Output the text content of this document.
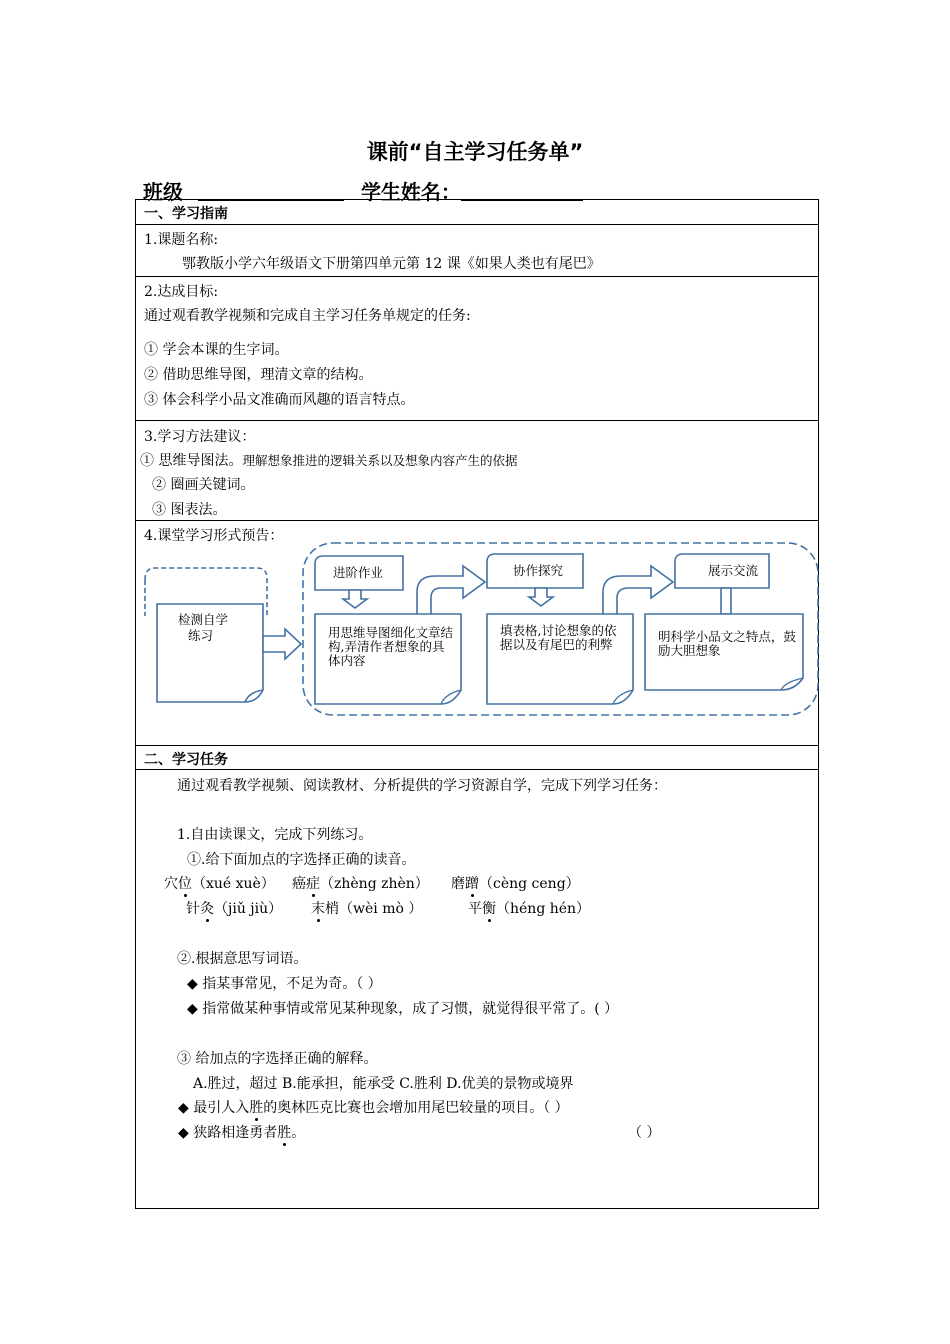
课前“自主学习任务单”
班级	学生姓名：
一、学习指南
1.课题名称:
鄂教版小学六年级语文下册第四单元第 12 课《如果人类也有尾巴》
2.达成目标:
通过观看教学视频和完成自主学习任务单规定的任务:
① 学会本课的生字词。
② 借助思维导图，理清文章的结构。
③ 体会科学小品文准确而风趣的语言特点。
3.学习方法建议：
① 思维导图法。理解想象推进的逻辑关系以及想象内容产生的依据
② 圈画关键词。
③ 图表法。
4.课堂学习形式预告：
检测自学
练习
进阶作业	协作探究	展示交流
用思维导图细化文章结构,弄清作者想象的具体内容
填表格,讨论想象的依据以及有尾巴的利弊
明科学小品文之特点，鼓励大胆想象
二、学习任务
通过观看教学视频、阅读教材、分析提供的学习资源自学，完成下列学习任务：
1.自由读课文，完成下列练习。
①.给下面加点的字选择正确的读音。
穴位（xué xuè） 癌症（zhèng zhèn） 磨蹭（cèng ceng）
针灸（jiǔ jiù） 末梢（wèi mò ）	平衡（héng hén）
②.根据意思写词语。
◆ 指某事常见，不足为奇。（ ）
◆ 指常做某种事情或常见某种现象，成了习惯，就觉得很平常了。( ）
③ 给加点的字选择正确的解释。
A.胜过，超过 B.能承担，能承受 C.胜利 D.优美的景物或境界
◆ 最引人入胜的奥林匹克比赛也会增加用尾巴较量的项目。（ ）
◆ 狭路相逢勇者胜。	（ ）
